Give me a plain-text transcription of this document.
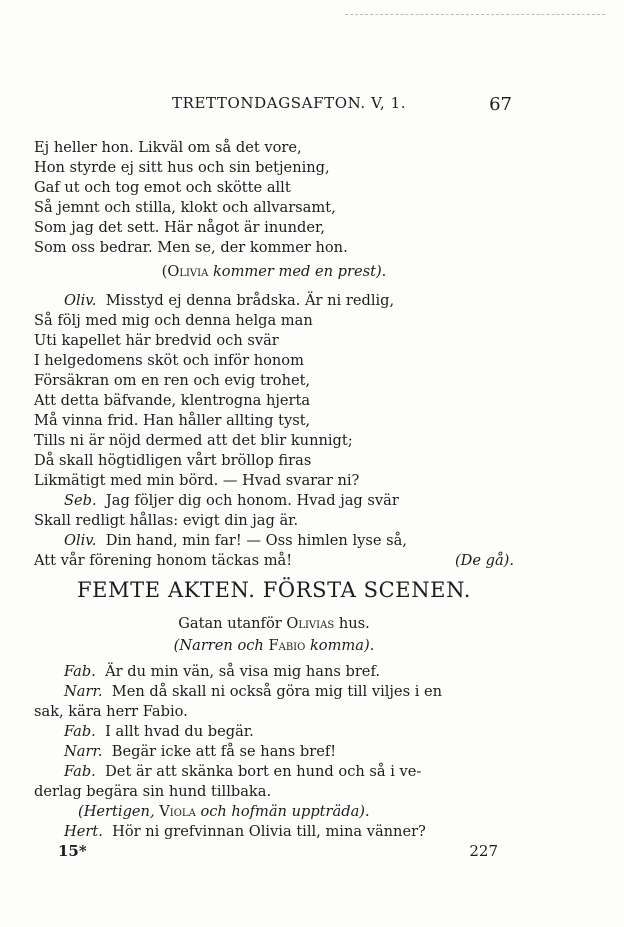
TRETTONDAGSAFTON. V, 1.	67
Ej heller hon. Likväl om så det vore,
Hon styrde ej sitt hus och sin betjening,
Gaf ut och tog emot och skötte allt
Så jemnt och stilla, klokt och allvarsamt,
Som jag det sett. Här något är inunder,
Som oss bedrar. Men se, der kommer hon.
(Olivia kommer med en prest).
Oliv. Misstyd ej denna brådska. Är ni redlig,
Så följ med mig och denna helga man
Uti kapellet här bredvid och svär
I helgedomens sköt och inför honom
Försäkran om en ren och evig trohet,
Att detta bäfvande, klentrogna hjerta
Må vinna frid. Han håller allting tyst,
Tills ni är nöjd dermed att det blir kunnigt;
Då skall högtidligen vårt bröllop firas
Likmätigt med min börd. — Hvad svarar ni?
Seb. Jag följer dig och honom. Hvad jag svär
Skall redligt hållas: evigt din jag är.
Oliv. Din hand, min far! — Oss himlen lyse så,
Att vår förening honom täckas må!	(De gå).
FEMTE AKTEN. FÖRSTA SCENEN.
Gatan utanför Olivias hus.
(Narren och Fabio komma).
Fab. Är du min vän, så visa mig hans bref.
Narr. Men då skall ni också göra mig till viljes i en
sak, kära herr Fabio.
Fab. I allt hvad du begär.
Narr. Begär icke att få se hans bref!
Fab. Det är att skänka bort en hund och så i ve-
derlag begära sin hund tillbaka.
(Hertigen, Viola och hofmän uppträda).
Hert. Hör ni grefvinnan Olivia till, mina vänner?
15*	227
